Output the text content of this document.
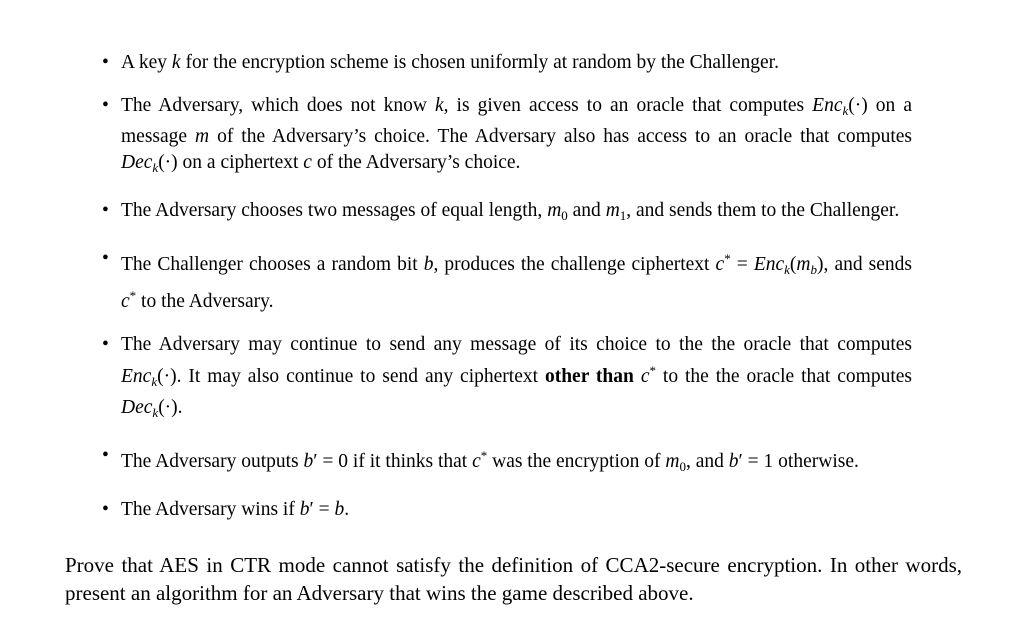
• A key k for the encryption scheme is chosen uniformly at random by the Challenger.
• The Adversary, which does not know k, is given access to an oracle that computes Enc$_k$(·) on a message m of the Adversary’s choice. The Adversary also has access to an oracle that computes Dec$_k$(·) on a ciphertext c of the Adversary’s choice.
• The Adversary chooses two messages of equal length, $m_0$ and $m_1$, and sends them to the Challenger.
• The Challenger chooses a random bit b, produces the challenge ciphertext $c^* = Enc_k(m_b)$, and sends c* to the Adversary.
• The Adversary may continue to send any message of its choice to the the oracle that computes Enc$_k$(·). It may also continue to send any ciphertext other than c* to the the oracle that computes Dec$_k$(·).
• The Adversary outputs b′ = 0 if it thinks that c* was the encryption of $m_0$, and b′ = 1 otherwise.
• The Adversary wins if b′ = b.

Prove that AES in CTR mode cannot satisfy the definition of CCA2-secure encryption. In other words, present an algorithm for an Adversary that wins the game described above.
